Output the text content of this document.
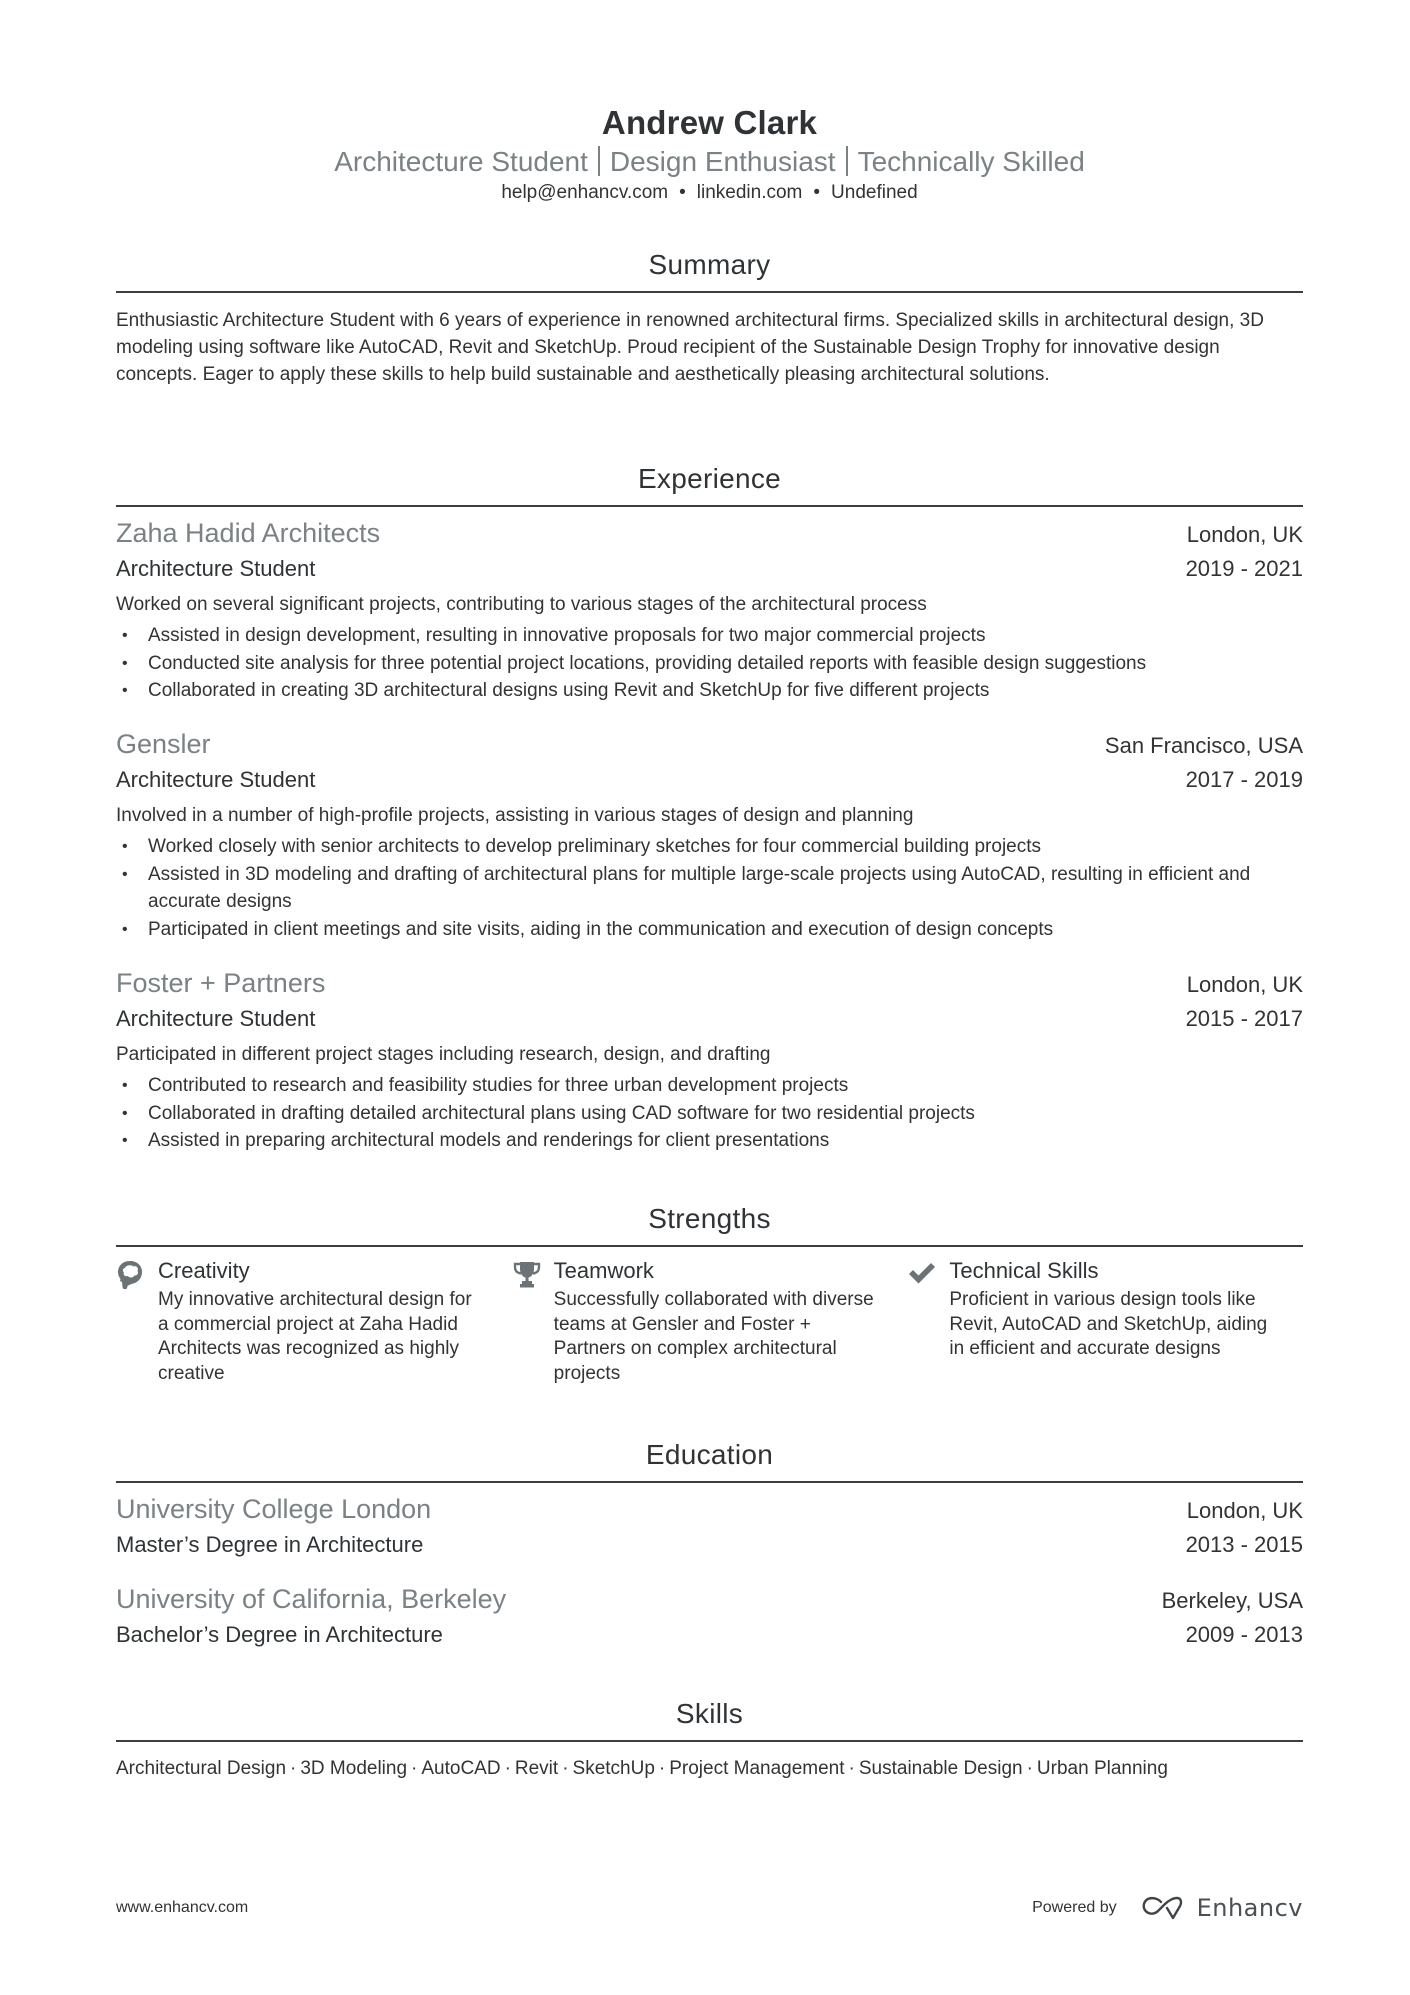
Andrew Clark
Architecture Student Design Enthusiast Technically Skilled
help@enhancv.com • linkedin.com • Undefined
Summary
Enthusiastic Architecture Student with 6 years of experience in renowned architectural firms. Specialized skills in architectural design, 3D modeling using software like AutoCAD, Revit and SketchUp. Proud recipient of the Sustainable Design Trophy for innovative design concepts. Eager to apply these skills to help build sustainable and aesthetically pleasing architectural solutions.
Experience
Zaha Hadid Architects	London, UK
Architecture Student	2019 - 2021
Worked on several significant projects, contributing to various stages of the architectural process
• Assisted in design development, resulting in innovative proposals for two major commercial projects
• Conducted site analysis for three potential project locations, providing detailed reports with feasible design suggestions
• Collaborated in creating 3D architectural designs using Revit and SketchUp for five different projects
Gensler	San Francisco, USA
Architecture Student	2017 - 2019
Involved in a number of high-profile projects, assisting in various stages of design and planning
• Worked closely with senior architects to develop preliminary sketches for four commercial building projects
• Assisted in 3D modeling and drafting of architectural plans for multiple large-scale projects using AutoCAD, resulting in efficient and accurate designs
• Participated in client meetings and site visits, aiding in the communication and execution of design concepts
Foster + Partners	London, UK
Architecture Student	2015 - 2017
Participated in different project stages including research, design, and drafting
• Contributed to research and feasibility studies for three urban development projects
• Collaborated in drafting detailed architectural plans using CAD software for two residential projects
• Assisted in preparing architectural models and renderings for client presentations
Strengths
Creativity
My innovative architectural design for a commercial project at Zaha Hadid Architects was recognized as highly creative
Teamwork
Successfully collaborated with diverse teams at Gensler and Foster + Partners on complex architectural projects
Technical Skills
Proficient in various design tools like Revit, AutoCAD and SketchUp, aiding in efficient and accurate designs
Education
University College London	London, UK
Master’s Degree in Architecture	2013 - 2015
University of California, Berkeley	Berkeley, USA
Bachelor’s Degree in Architecture	2009 - 2013
Skills
Architectural Design · 3D Modeling · AutoCAD · Revit · SketchUp · Project Management · Sustainable Design · Urban Planning
www.enhancv.com	Powered by	Enhancv
